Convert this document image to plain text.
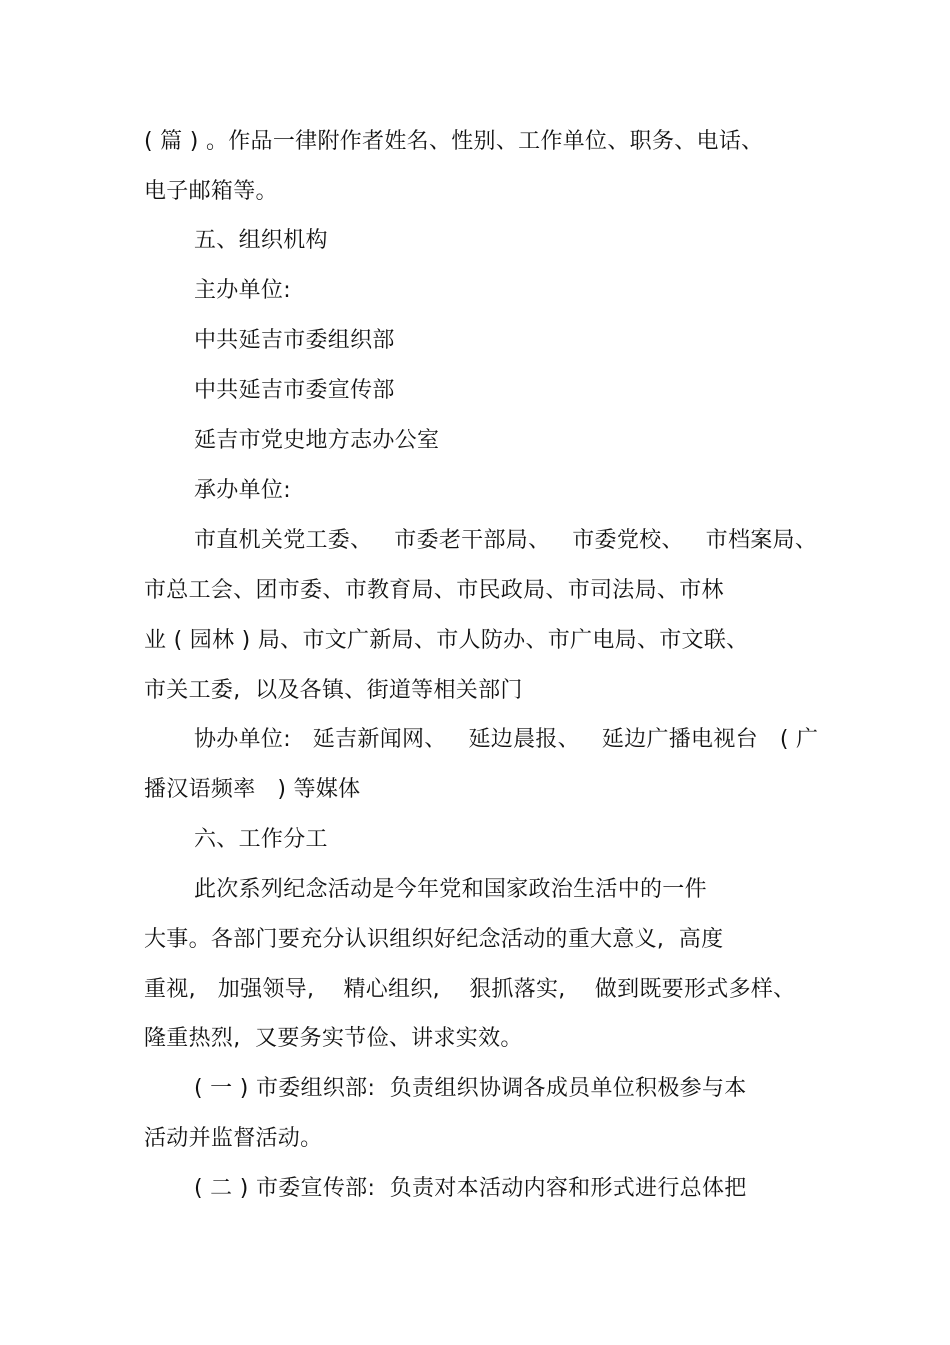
( 篇 ) 。作品一律附作者姓名、性别、工作单位、职务、电话、
电子邮箱等。
五、组织机构
主办单位:
中共延吉市委组织部
中共延吉市委宣传部
延吉市党史地方志办公室
承办单位:
市直机关党工委、   市委老干部局、   市委党校、   市档案局、
市总工会、团市委、市教育局、市民政局、市司法局、市林
业 ( 园林 ) 局、市文广新局、市人防办、市广电局、市文联、
市关工委,  以及各镇、街道等相关部门
协办单位:   延吉新闻网、   延边晨报、   延边广播电视台   ( 广
播汉语频率   ) 等媒体
六、工作分工
此次系列纪念活动是今年党和国家政治生活中的一件
大事。各部门要充分认识组织好纪念活动的重大意义,  高度
重视,   加强领导,    精心组织,    狠抓落实,    做到既要形式多样、
隆重热烈,  又要务实节俭、讲求实效。
( 一 ) 市委组织部:  负责组织协调各成员单位积极参与本
活动并监督活动。
( 二 ) 市委宣传部:  负责对本活动内容和形式进行总体把
